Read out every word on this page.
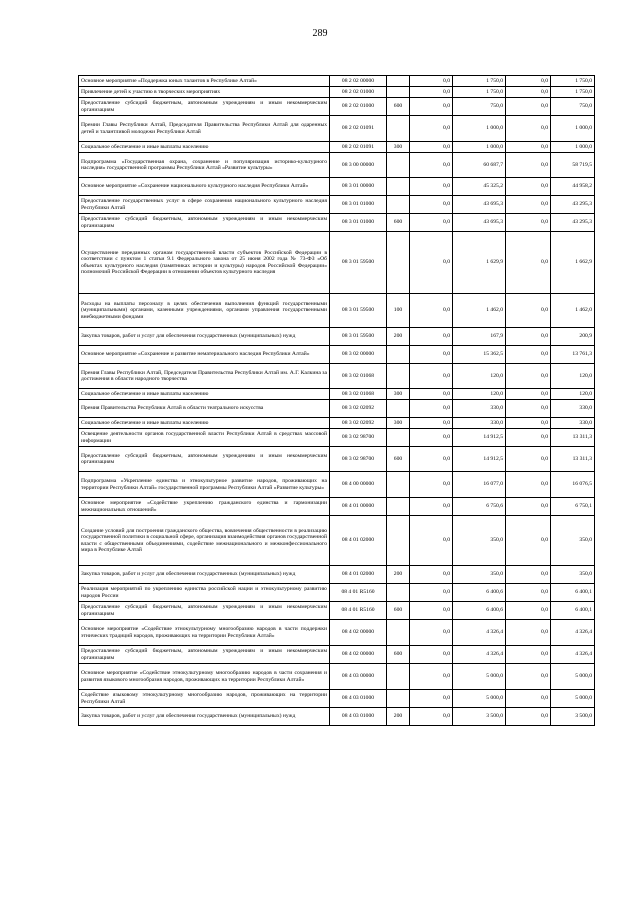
289
Основное мероприятие «Поддержка юных талантов в Республике Алтай»	08 2 02 00000		0,0	1 750,0	0,0	1 750,0
Привлечение детей к участию в творческих мероприятиях	08 2 02 01000		0,0	1 750,0	0,0	1 750,0
Предоставление субсидий бюджетным, автономным учреждениям и иным некоммерческим организациям	08 2 02 01000	600	0,0	750,0	0,0	750,0
Премии Главы Республики Алтай, Председателя Правительства Республики Алтай для одаренных детей и талантливой молодежи Республики Алтай	08 2 02 01091		0,0	1 000,0	0,0	1 000,0
Социальное обеспечение и иные выплаты населению	08 2 02 01091	300	0,0	1 000,0	0,0	1 000,0
Подпрограмма «Государственная охрана, сохранение и популяризация историко-культурного наследия» государственной программы Республики Алтай «Развитие культуры»	08 3 00 00000		0,0	60 687,7	0,0	58 719,5
Основное мероприятие «Сохранение национального культурного наследия Республики Алтай»	08 3 01 00000		0,0	45 325,2	0,0	44 958,2
Предоставление государственных услуг в сфере сохранения национального культурного наследия Республики Алтай	08 3 01 01000		0,0	43 695,3	0,0	43 295,3
Предоставление субсидий бюджетным, автономным учреждениям и иным некоммерческим организациям	08 3 01 01000	600	0,0	43 695,3	0,0	43 295,3
Осуществление переданных органам государственной власти субъектов Российской Федерации в соответствии с пунктом 1 статьи 9.1 Федерального закона от 25 июня 2002 года № 73-ФЗ «Об объектах культурного наследия (памятниках истории и культуры) народов Российской Федерации» полномочий Российской Федерации в отношении объектов культурного наследия	08 3 01 59500		0,0	1 629,9	0,0	1 662,9
Расходы на выплаты персоналу в целях обеспечения выполнения функций государственными (муниципальными) органами, казенными учреждениями, органами управления государственными внебюджетными фондами	08 3 01 59500	100	0,0	1 462,0	0,0	1 462,0
Закупка товаров, работ и услуг для обеспечения государственных (муниципальных) нужд	08 3 01 59500	200	0,0	167,9	0,0	200,9
Основное мероприятие «Сохранение и развитие нематериального наследия Республики Алтай»	08 3 02 00000		0,0	15 362,5	0,0	13 761,3
Премия Главы Республики Алтай, Председателя Правительства Республики Алтай им. А.Г. Калкина за достижения в области народного творчества	08 3 02 01068		0,0	120,0	0,0	120,0
Социальное обеспечение и иные выплаты населению	08 3 02 01068	300	0,0	120,0	0,0	120,0
Премия Правительства Республики Алтай в области театрального искусства	08 3 02 02092		0,0	330,0	0,0	330,0
Социальное обеспечение и иные выплаты населению	08 3 02 02092	300	0,0	330,0	0,0	330,0
Освещение деятельности органов государственной власти Республики Алтай в средствах массовой информации	08 3 02 98700		0,0	14 912,5	0,0	13 311,3
Предоставление субсидий бюджетным, автономным учреждениям и иным некоммерческим организациям	08 3 02 98700	600	0,0	14 912,5	0,0	13 311,3
Подпрограмма «Укрепление единства и этнокультурное развитие народов, проживающих на территории Республики Алтай» государственной программы Республики Алтай «Развитие культуры»	08 4 00 00000		0,0	16 077,0	0,0	16 076,5
Основное мероприятие «Содействие укреплению гражданского единства и гармонизации межнациональных отношений»	08 4 01 00000		0,0	6 750,6	0,0	6 750,1
Создание условий для построения гражданского общества, вовлечения общественности в реализацию государственной политики в социальной сфере, организация взаимодействия органов государственной власти с общественными объединениями, содействие межнационального и межконфессионального мира в Республике Алтай	08 4 01 02000		0,0	350,0	0,0	350,0
Закупка товаров, работ и услуг для обеспечения государственных (муниципальных) нужд	08 4 01 02000	200	0,0	350,0	0,0	350,0
Реализация мероприятий по укреплению единства российской нации и этнокультурному развитию народов России	08 4 01 R5160		0,0	6 400,6	0,0	6 400,1
Предоставление субсидий бюджетным, автономным учреждениям и иным некоммерческим организациям	08 4 01 R5160	600	0,0	6 400,6	0,0	6 400,1
Основное мероприятие «Содействие этнокультурному многообразию народов в части поддержки этнических традиций народов, проживающих на территории Республики Алтай»	08 4 02 00000		0,0	4 326,4	0,0	4 326,4
Предоставление субсидий бюджетным, автономным учреждениям и иным некоммерческим организациям	08 4 02 00000	600	0,0	4 326,4	0,0	4 326,4
Основное мероприятие «Содействие этнокультурному многообразию народов в части сохранения и развития языкового многообразия народов, проживающих на территории Республики Алтай»	08 4 03 00000		0,0	5 000,0	0,0	5 000,0
Содействие языковому этнокультурному многообразию народов, проживающих на территории Республики Алтай	08 4 03 01000		0,0	5 000,0	0,0	5 000,0
Закупка товаров, работ и услуг для обеспечения государственных (муниципальных) нужд	08 4 03 01000	200	0,0	3 500,0	0,0	3 500,0
